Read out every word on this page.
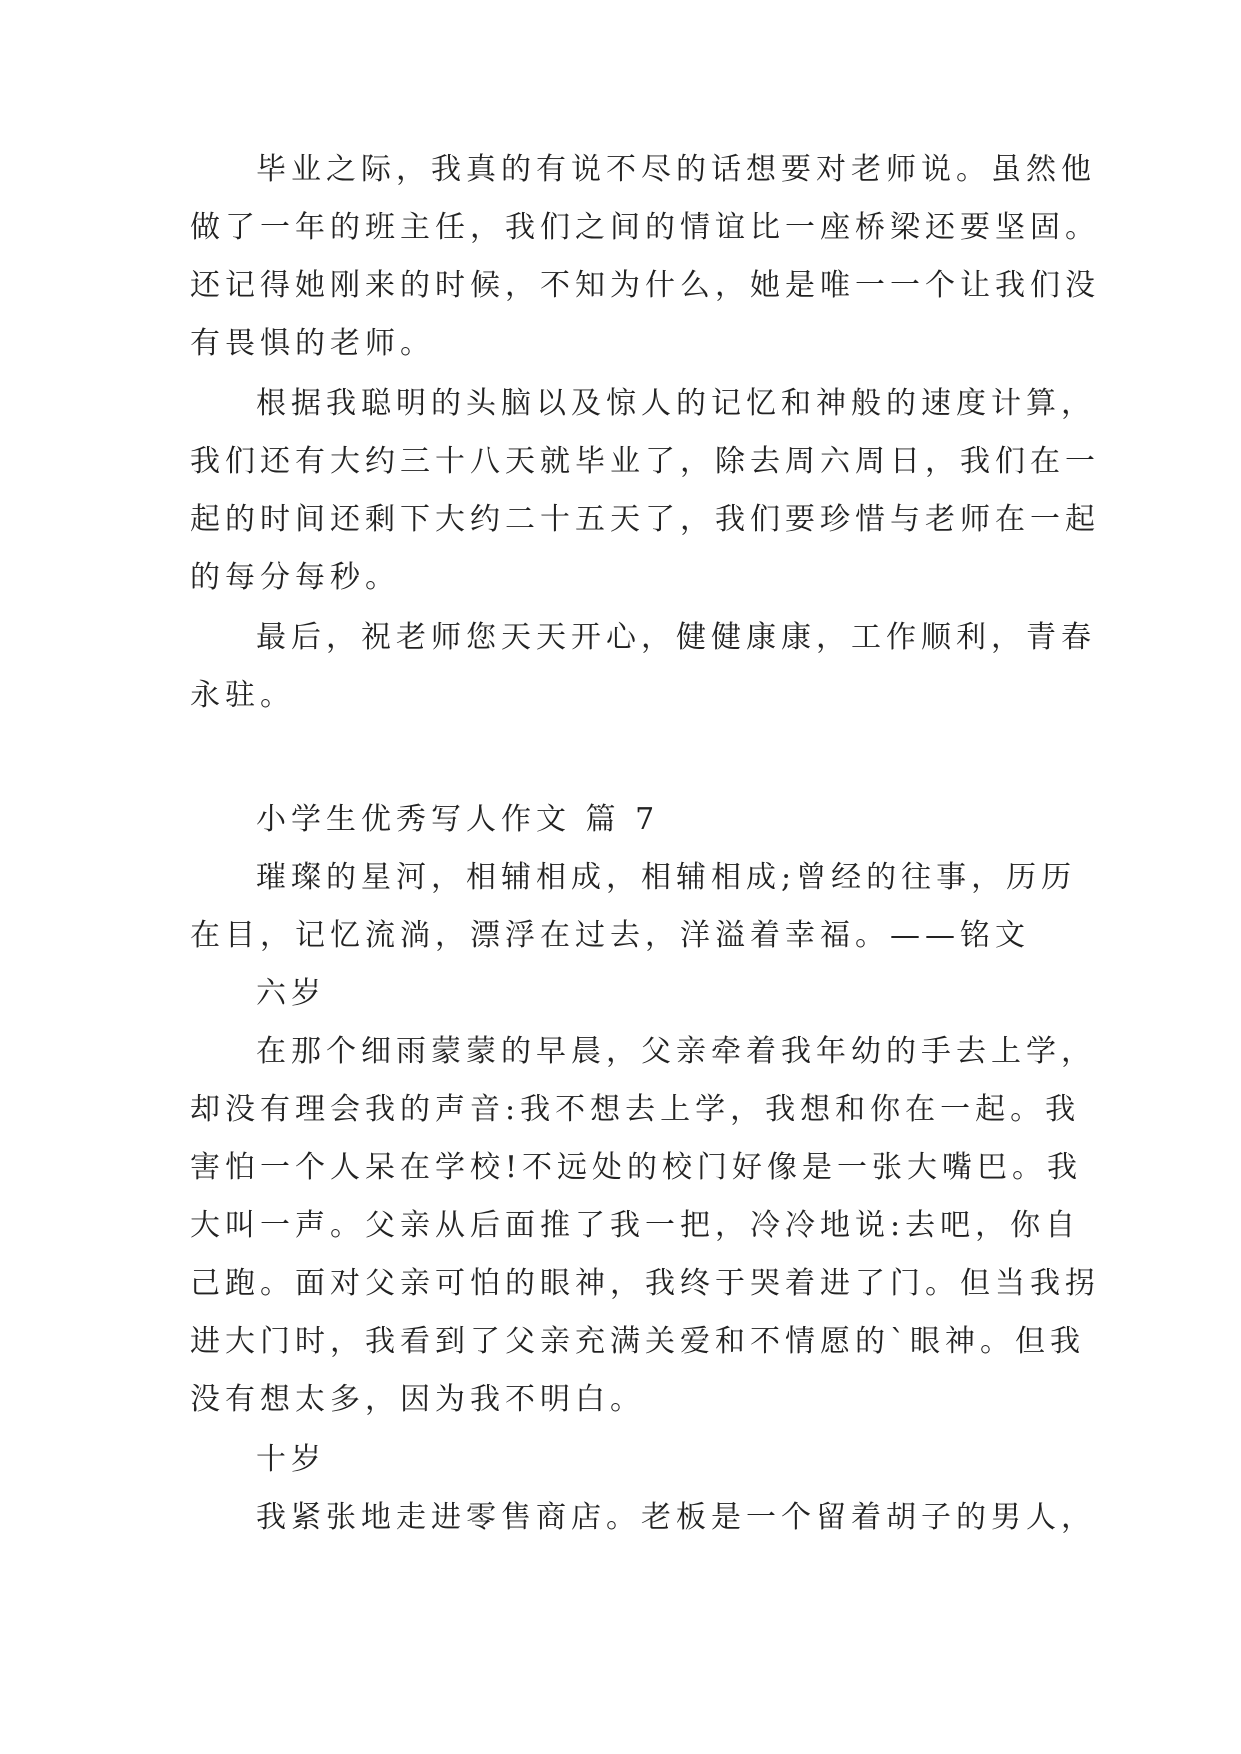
毕业之际，我真的有说不尽的话想要对老师说。虽然他
做了一年的班主任，我们之间的情谊比一座桥梁还要坚固。
还记得她刚来的时候，不知为什么，她是唯一一个让我们没
有畏惧的老师。
根据我聪明的头脑以及惊人的记忆和神般的速度计算，
我们还有大约三十八天就毕业了，除去周六周日，我们在一
起的时间还剩下大约二十五天了，我们要珍惜与老师在一起
的每分每秒。
最后，祝老师您天天开心，健健康康，工作顺利，青春
永驻。
小学生优秀写人作文 篇 7
璀璨的星河，相辅相成，相辅相成;曾经的往事，历历
在目，记忆流淌，漂浮在过去，洋溢着幸福。——铭文
六岁
在那个细雨蒙蒙的早晨，父亲牵着我年幼的手去上学，
却没有理会我的声音:我不想去上学，我想和你在一起。我
害怕一个人呆在学校!不远处的校门好像是一张大嘴巴。我
大叫一声。父亲从后面推了我一把，冷冷地说:去吧，你自
己跑。面对父亲可怕的眼神，我终于哭着进了门。但当我拐
进大门时，我看到了父亲充满关爱和不情愿的`眼神。但我
没有想太多，因为我不明白。
十岁
我紧张地走进零售商店。老板是一个留着胡子的男人，
